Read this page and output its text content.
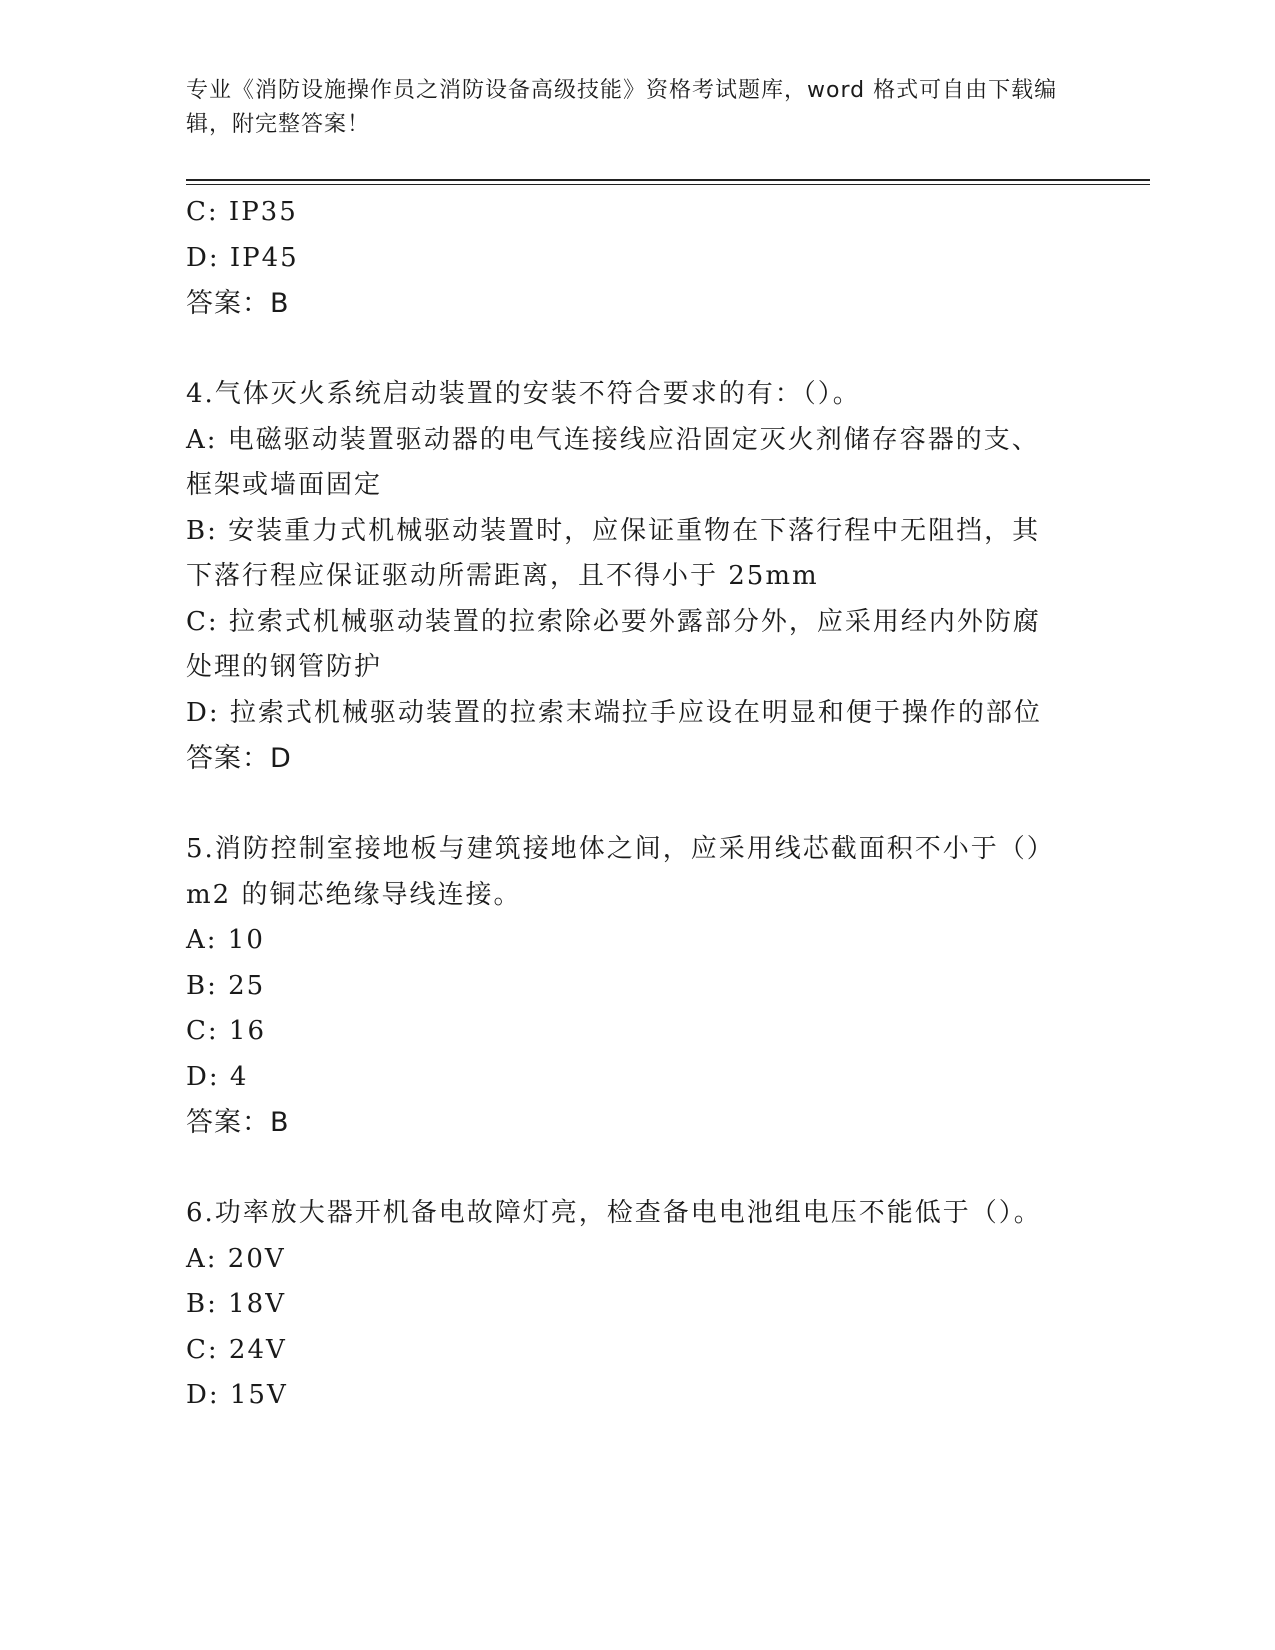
专业《消防设施操作员之消防设备高级技能》资格考试题库，word 格式可自由下载编辑，附完整答案！
C: IP35
D: IP45
答案：B
4.气体灭火系统启动装置的安装不符合要求的有：（）。
A: 电磁驱动装置驱动器的电气连接线应沿固定灭火剂储存容器的支、框架或墙面固定
B: 安装重力式机械驱动装置时，应保证重物在下落行程中无阻挡，其下落行程应保证驱动所需距离，且不得小于 25mm
C: 拉索式机械驱动装置的拉索除必要外露部分外，应采用经内外防腐处理的钢管防护
D: 拉索式机械驱动装置的拉索末端拉手应设在明显和便于操作的部位
答案：D
5.消防控制室接地板与建筑接地体之间，应采用线芯截面积不小于（）m2 的铜芯绝缘导线连接。
A: 10
B: 25
C: 16
D: 4
答案：B
6.功率放大器开机备电故障灯亮，检查备电电池组电压不能低于（）。
A: 20V
B: 18V
C: 24V
D: 15V
